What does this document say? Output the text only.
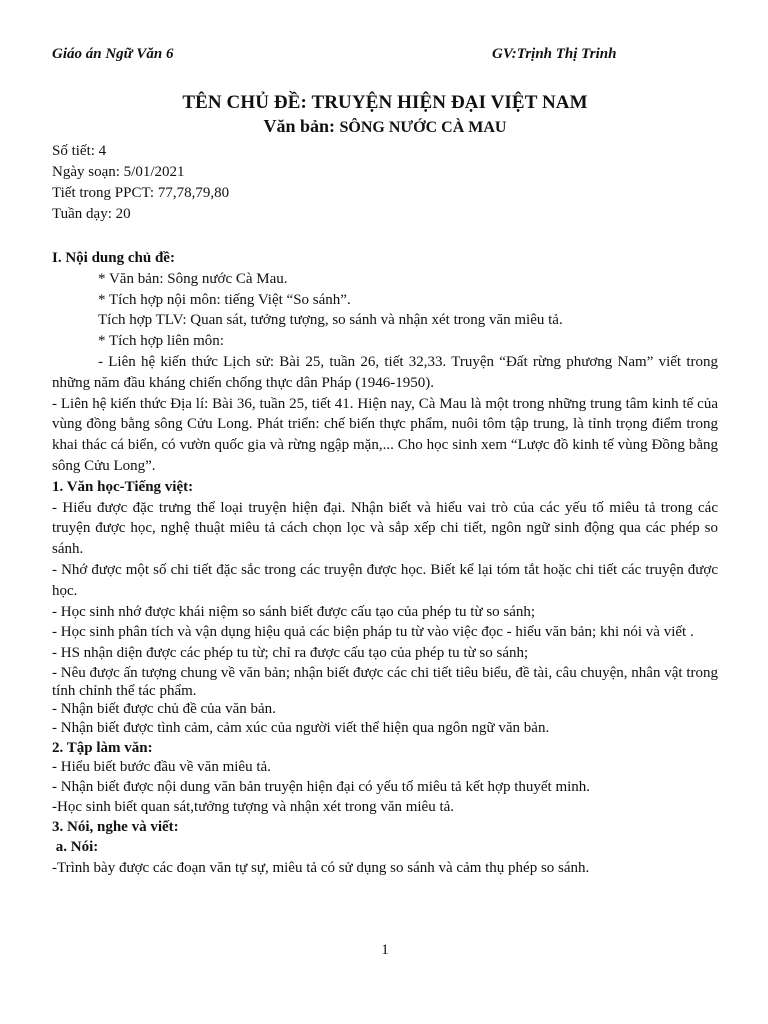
Giáo án Ngữ Văn 6	GV:Trịnh Thị Trinh
TÊN CHỦ ĐỀ: TRUYỆN HIỆN ĐẠI VIỆT NAM
Văn bản: SÔNG NƯỚC CÀ MAU
Số tiết: 4
Ngày soạn: 5/01/2021
Tiết trong PPCT: 77,78,79,80
Tuần dạy: 20

I. Nội dung chủ đề:

* Văn bản: Sông nước Cà Mau.

* Tích hợp nội môn: tiếng Việt “So sánh”.

Tích hợp TLV: Quan sát, tưởng tượng, so sánh và nhận xét trong văn miêu tả.

* Tích hợp liên môn:

- Liên hệ kiến thức Lịch sử: Bài 25, tuần 26, tiết 32,33. Truyện “Đất rừng phương Nam” viết trong những năm đầu kháng chiến chống thực dân Pháp (1946-1950).

- Liên hệ kiến thức Địa lí: Bài 36, tuần 25, tiết 41. Hiện nay, Cà Mau là một trong những trung tâm kinh tế của vùng đồng bằng sông Cửu Long. Phát triển: chế biến thực phẩm, nuôi tôm tập trung, là tỉnh trọng điểm trong khai thác cá biển, có vườn quốc gia và rừng ngập mặn,... Cho học sinh xem “Lược đồ kinh tế vùng Đồng bằng sông Cửu Long”.

1. Văn học-Tiếng việt:

- Hiểu được đặc trưng thể loại truyện hiện đại. Nhận biết và hiểu vai trò của các yếu tố miêu tả trong các truyện được học, nghệ thuật miêu tả cách chọn lọc và sắp xếp chi tiết, ngôn ngữ sinh động qua các phép so sánh.

- Nhớ được một số chi tiết đặc sắc trong các truyện được học. Biết kể lại tóm tắt hoặc chi tiết các truyện được học.

- Học sinh nhớ được khái niệm so sánh biết được cấu tạo của phép tu từ so sánh;

- Học sinh phân tích và vận dụng hiệu quả các biện pháp tu từ vào việc đọc - hiểu văn bản; khi nói và viết .

- HS nhận diện được các phép tu từ; chỉ ra được cấu tạo của phép tu từ so sánh;

- Nêu được ấn tượng chung về văn bản; nhận biết được các chi tiết tiêu biểu, đề tài, câu chuyện, nhân vật trong tính chỉnh thể tác phẩm.

- Nhận biết được chủ đề của văn bản.

- Nhận biết được tình cảm, cảm xúc của người viết thể hiện qua ngôn ngữ văn bản.

2. Tập làm văn:

- Hiểu biết bước đầu về văn miêu tả.

- Nhận biết được nội dung văn bản truyện hiện đại có yếu tố miêu tả kết hợp thuyết minh.

-Học sinh biết quan sát,tưởng tượng và nhận xét trong văn miêu tả.

3. Nói, nghe và viết:

a. Nói:

-Trình bày được các đoạn văn tự sự, miêu tả có sử dụng so sánh và cảm thụ phép so sánh.

1
